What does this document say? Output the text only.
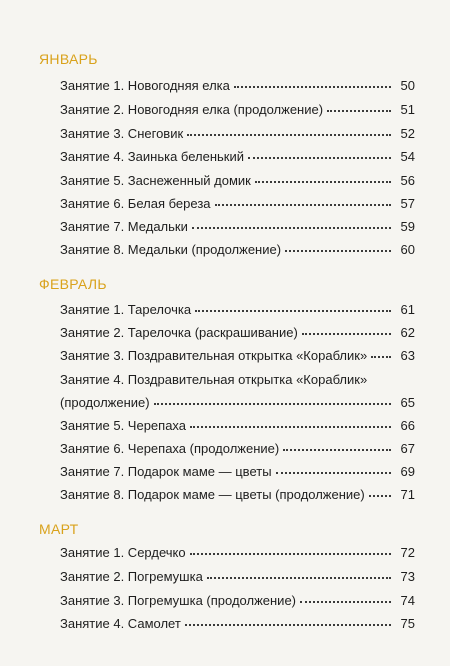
ЯНВАРЬ
Занятие 1. Новогодняя елка	50
Занятие 2. Новогодняя елка (продолжение)	51
Занятие 3. Снеговик	52
Занятие 4. Заинька беленький	54
Занятие 5. Заснеженный домик	56
Занятие 6. Белая береза	57
Занятие 7. Медальки	59
Занятие 8. Медальки (продолжение)	60
ФЕВРАЛЬ
Занятие 1. Тарелочка	61
Занятие 2. Тарелочка (раскрашивание)	62
Занятие 3. Поздравительная открытка «Кораблик»	63
Занятие 4. Поздравительная открытка «Кораблик»
(продолжение)	65
Занятие 5. Черепаха	66
Занятие 6. Черепаха (продолжение)	67
Занятие 7. Подарок маме — цветы	69
Занятие 8. Подарок маме — цветы (продолжение)	71
МАРТ
Занятие 1. Сердечко	72
Занятие 2. Погремушка	73
Занятие 3. Погремушка (продолжение)	74
Занятие 4. Самолет	75
